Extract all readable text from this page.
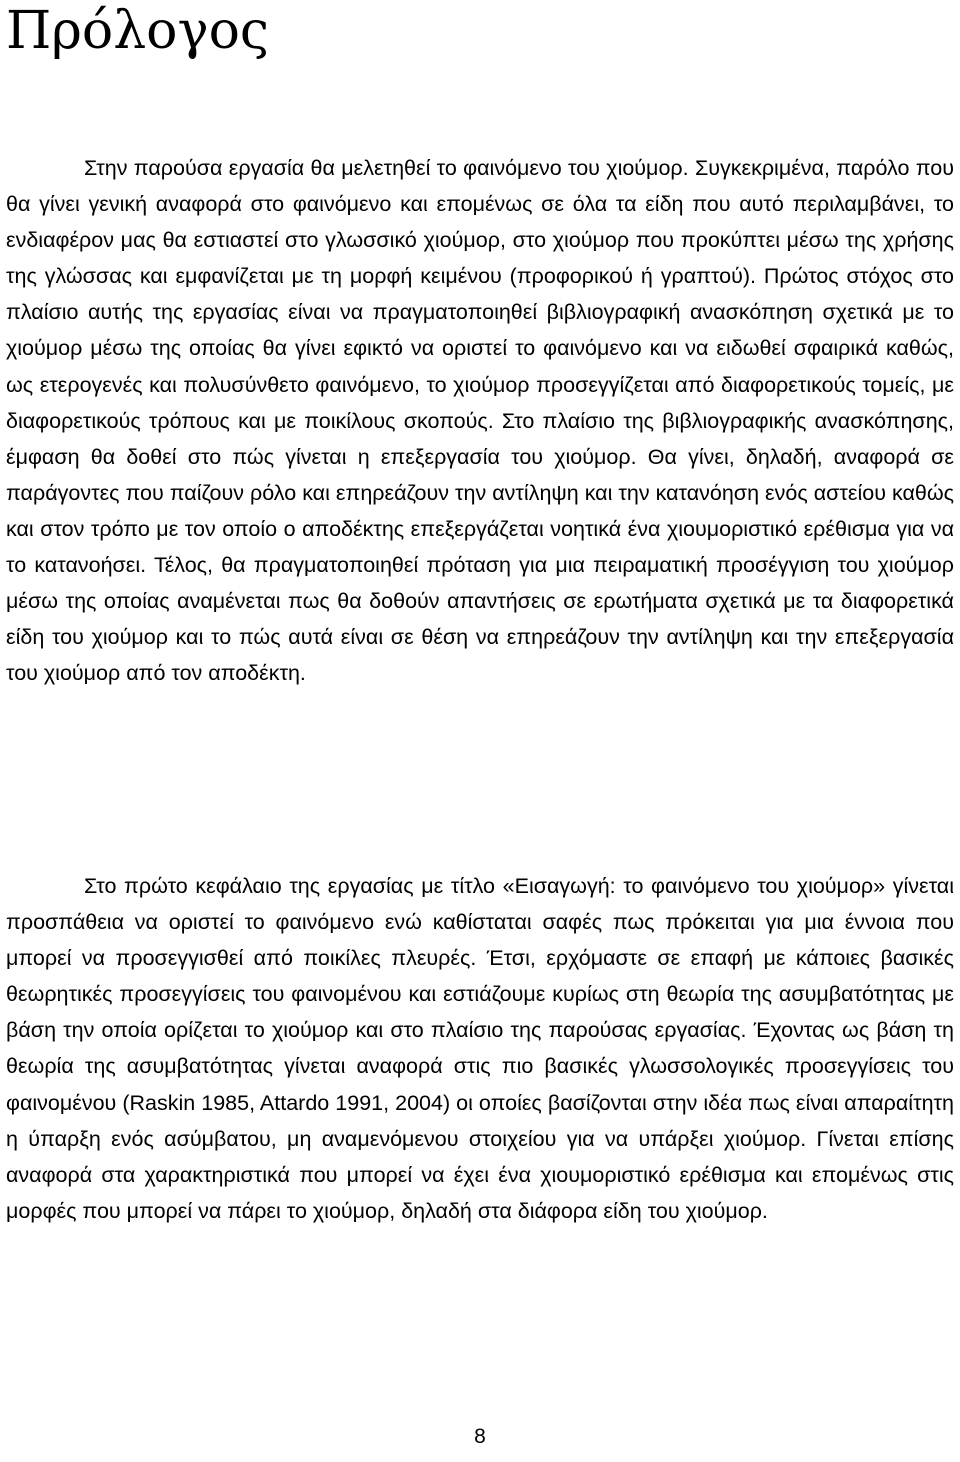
Πρόλογος

Στην παρούσα εργασία θα μελετηθεί το φαινόμενο του χιούμορ. Συγκεκριμένα, παρόλο που θα γίνει γενική αναφορά στο φαινόμενο και επομένως σε όλα τα είδη που αυτό περιλαμβάνει, το ενδιαφέρον μας θα εστιαστεί στο γλωσσικό χιούμορ, στο χιούμορ που προκύπτει μέσω της χρήσης της γλώσσας και εμφανίζεται με τη μορφή κειμένου (προφορικού ή γραπτού). Πρώτος στόχος στο πλαίσιο αυτής της εργασίας είναι να πραγματοποιηθεί βιβλιογραφική ανασκόπηση σχετικά με το χιούμορ μέσω της οποίας θα γίνει εφικτό να οριστεί το φαινόμενο και να ειδωθεί σφαιρικά καθώς, ως ετερογενές και πολυσύνθετο φαινόμενο, το χιούμορ προσεγγίζεται από διαφορετικούς τομείς, με διαφορετικούς τρόπους και με ποικίλους σκοπούς. Στο πλαίσιο της βιβλιογραφικής ανασκόπησης, έμφαση θα δοθεί στο πώς γίνεται η επεξεργασία του χιούμορ. Θα γίνει, δηλαδή, αναφορά σε παράγοντες που παίζουν ρόλο και επηρεάζουν την αντίληψη και την κατανόηση ενός αστείου καθώς και στον τρόπο με τον οποίο ο αποδέκτης επεξεργάζεται νοητικά ένα χιουμοριστικό ερέθισμα για να το κατανοήσει. Τέλος, θα πραγματοποιηθεί πρόταση για μια πειραματική προσέγγιση του χιούμορ μέσω της οποίας αναμένεται πως θα δοθούν απαντήσεις σε ερωτήματα σχετικά με τα διαφορετικά είδη του χιούμορ και το πώς αυτά είναι σε θέση να επηρεάζουν την αντίληψη και την επεξεργασία του χιούμορ από τον αποδέκτη.

Στο πρώτο κεφάλαιο της εργασίας με τίτλο «Εισαγωγή: το φαινόμενο του χιούμορ» γίνεται προσπάθεια να οριστεί το φαινόμενο ενώ καθίσταται σαφές πως πρόκειται για μια έννοια που μπορεί να προσεγγισθεί από ποικίλες πλευρές. Έτσι, ερχόμαστε σε επαφή με κάποιες βασικές θεωρητικές προσεγγίσεις του φαινομένου και εστιάζουμε κυρίως στη θεωρία της ασυμβατότητας με βάση την οποία ορίζεται το χιούμορ και στο πλαίσιο της παρούσας εργασίας. Έχοντας ως βάση τη θεωρία της ασυμβατότητας γίνεται αναφορά στις πιο βασικές γλωσσολογικές προσεγγίσεις του φαινομένου (Raskin 1985, Attardo 1991, 2004) οι οποίες βασίζονται στην ιδέα πως είναι απαραίτητη η ύπαρξη ενός ασύμβατου, μη αναμενόμενου στοιχείου για να υπάρξει χιούμορ. Γίνεται επίσης αναφορά στα χαρακτηριστικά που μπορεί να έχει ένα χιουμοριστικό ερέθισμα και επομένως στις μορφές που μπορεί να πάρει το χιούμορ, δηλαδή στα διάφορα είδη του χιούμορ.

8
